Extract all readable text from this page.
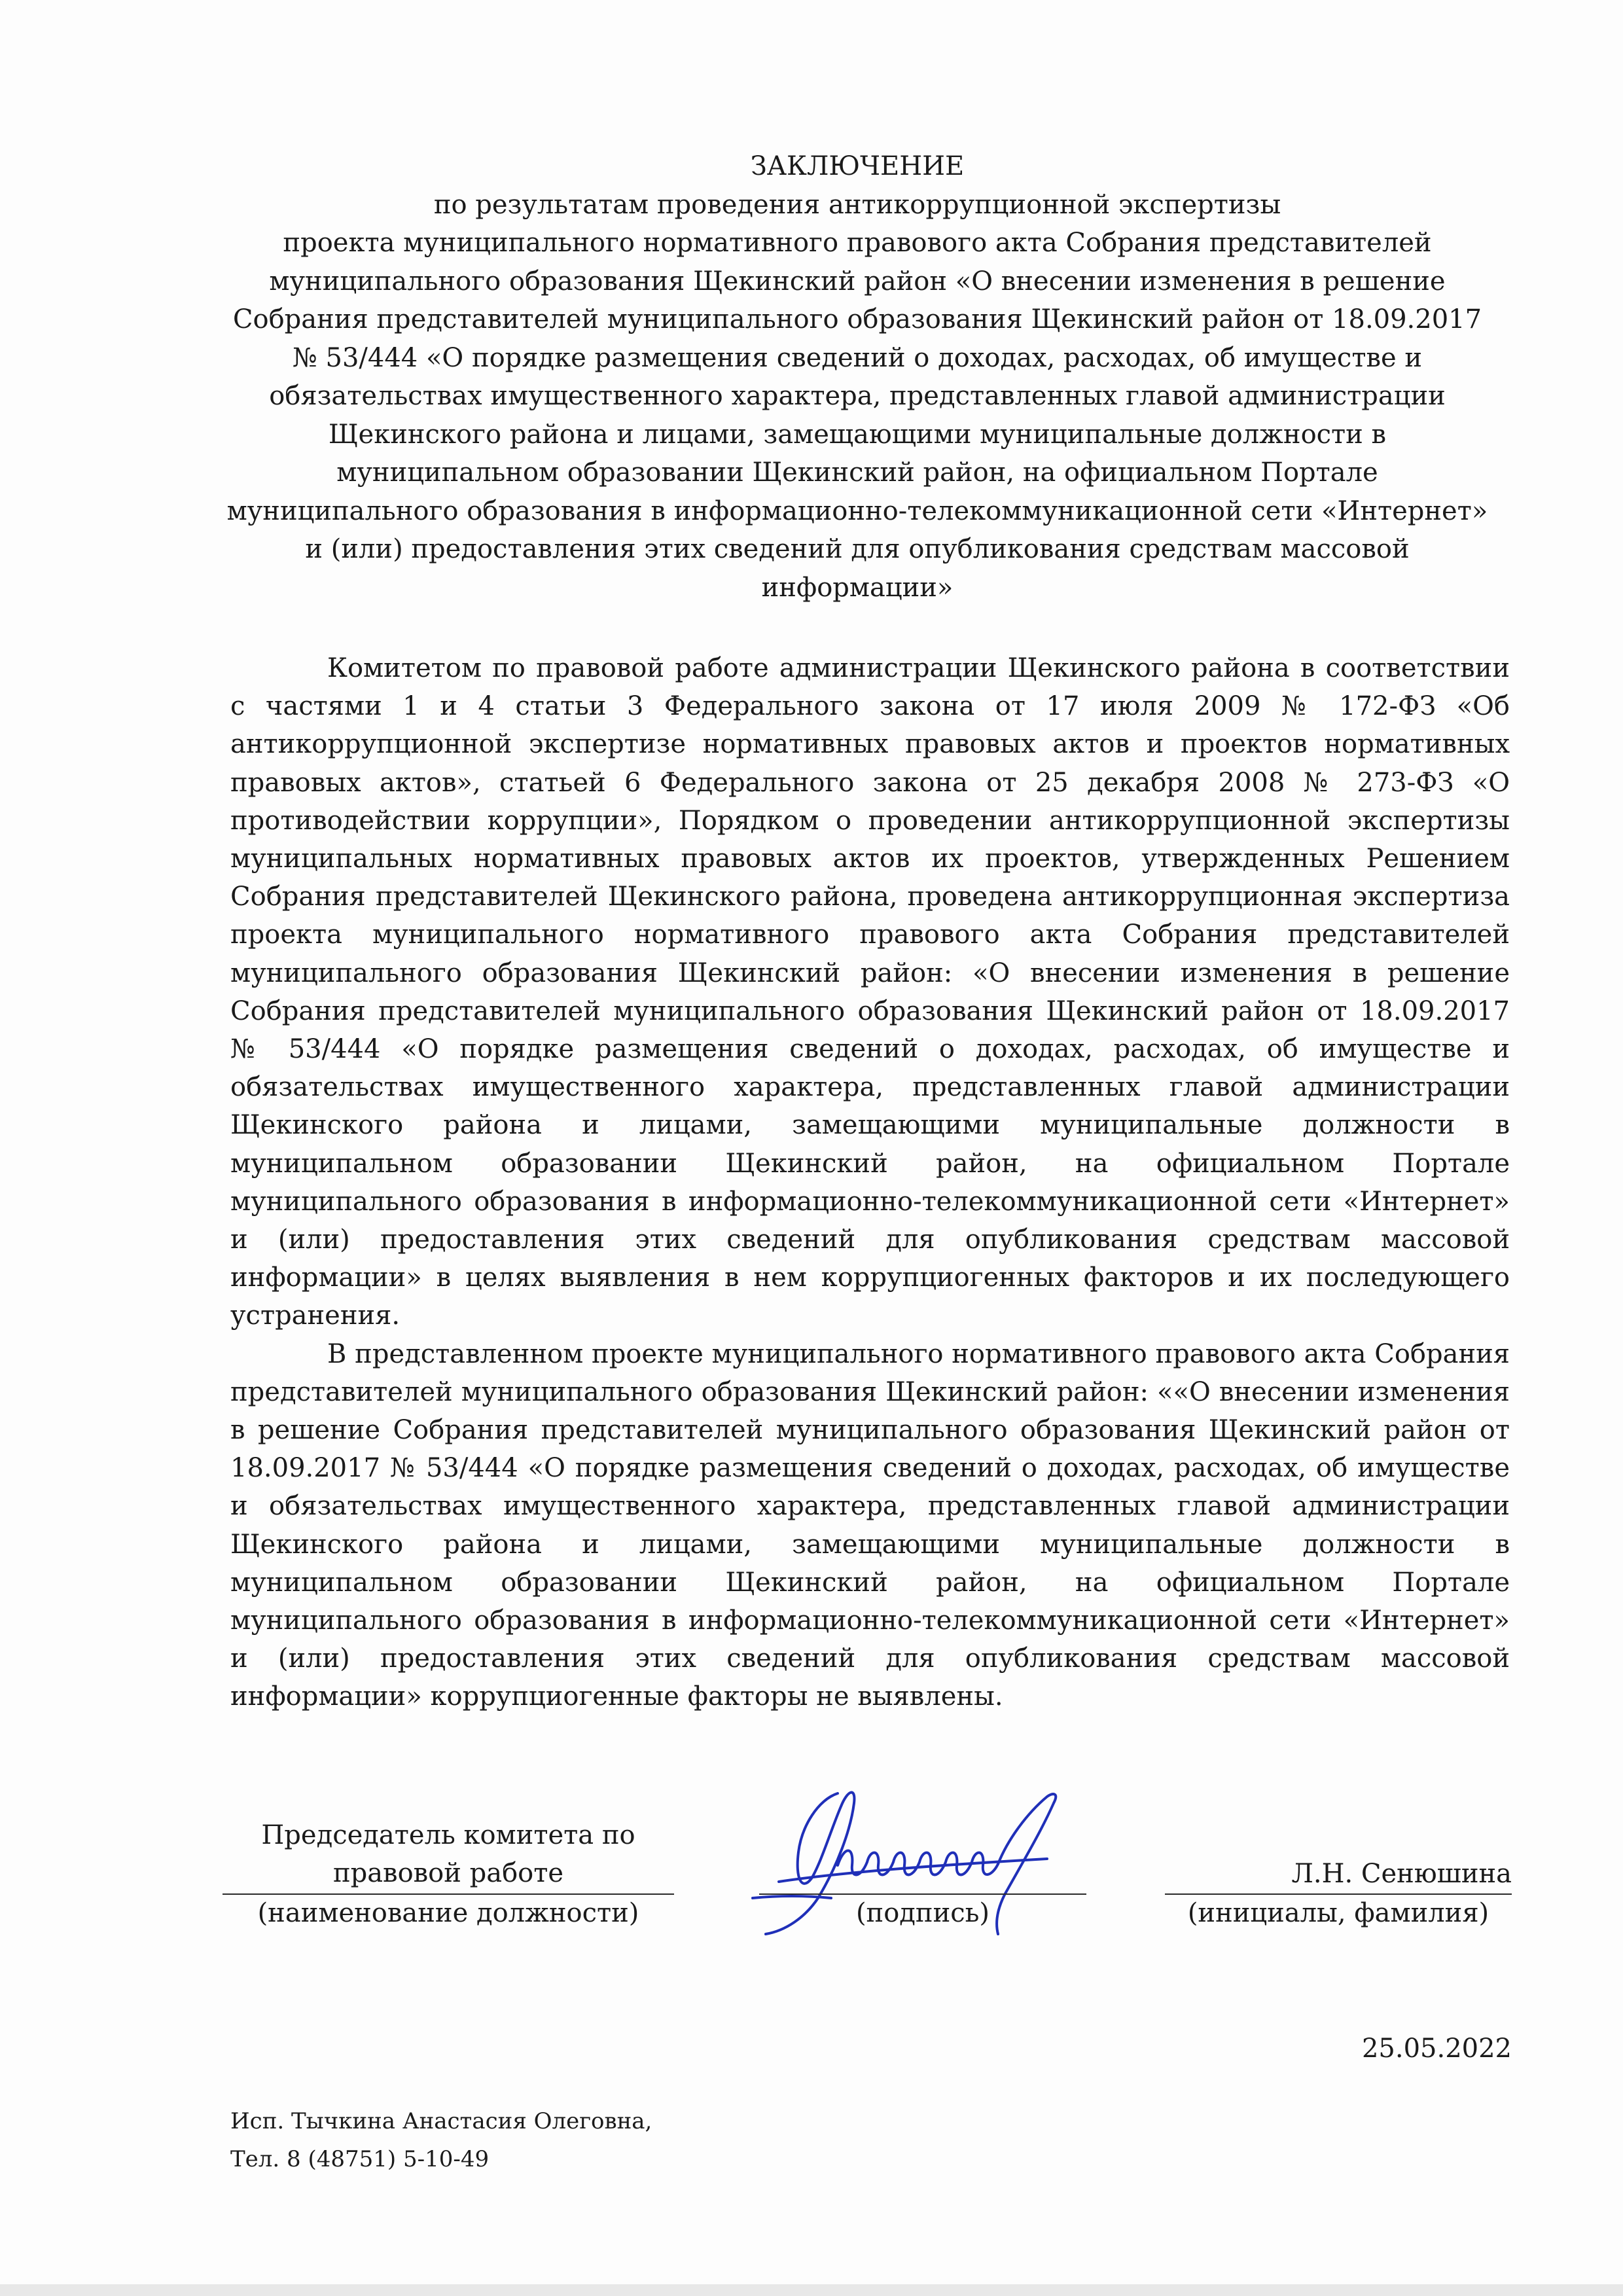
ЗАКЛЮЧЕНИЕ
по результатам проведения антикоррупционной экспертизы
проекта муниципального нормативного правового акта Собрания представителей
муниципального образования Щекинский район «О внесении изменения в решение
Собрания представителей муниципального образования Щекинский район от 18.09.2017
№ 53/444 «О порядке размещения сведений о доходах, расходах, об имуществе и
обязательствах имущественного характера, представленных главой администрации
Щекинского района и лицами, замещающими муниципальные должности в
муниципальном образовании Щекинский район, на официальном Портале
муниципального образования в информационно-телекоммуникационной сети «Интернет»
и (или) предоставления этих сведений для опубликования средствам массовой
информации»

Комитетом по правовой работе администрации Щекинского района в соответствии с частями 1 и 4 статьи 3 Федерального закона от 17 июля 2009 № 172-ФЗ «Об антикоррупционной экспертизе нормативных правовых актов и проектов нормативных правовых актов», статьей 6 Федерального закона от 25 декабря 2008 № 273-ФЗ «О противодействии коррупции», Порядком о проведении антикоррупционной экспертизы муниципальных нормативных правовых актов их проектов, утвержденных Решением Собрания представителей Щекинского района, проведена антикоррупционная экспертиза проекта муниципального нормативного правового акта Собрания представителей муниципального образования Щекинский район: «О внесении изменения в решение Собрания представителей муниципального образования Щекинский район от 18.09.2017 № 53/444 «О порядке размещения сведений о доходах, расходах, об имуществе и обязательствах имущественного характера, представленных главой администрации Щекинского района и лицами, замещающими муниципальные должности в муниципальном образовании Щекинский район, на официальном Портале муниципального образования в информационно-телекоммуникационной сети «Интернет» и (или) предоставления этих сведений для опубликования средствам массовой информации» в целях выявления в нем коррупциогенных факторов и их последующего устранения.

В представленном проекте муниципального нормативного правового акта Собрания представителей муниципального образования Щекинский район: ««О внесении изменения в решение Собрания представителей муниципального образования Щекинский район от 18.09.2017 № 53/444 «О порядке размещения сведений о доходах, расходах, об имуществе и обязательствах имущественного характера, представленных главой администрации Щекинского района и лицами, замещающими муниципальные должности в муниципальном образовании Щекинский район, на официальном Портале муниципального образования в информационно-телекоммуникационной сети «Интернет» и (или) предоставления этих сведений для опубликования средствам массовой информации» коррупциогенные факторы не выявлены.

Председатель комитета по
правовой работе
(наименование должности)	(подпись)
Л.Н. Сенюшина
(инициалы, фамилия)
25.05.2022
Исп. Тычкина Анастасия Олеговна,
Тел. 8 (48751) 5-10-49
